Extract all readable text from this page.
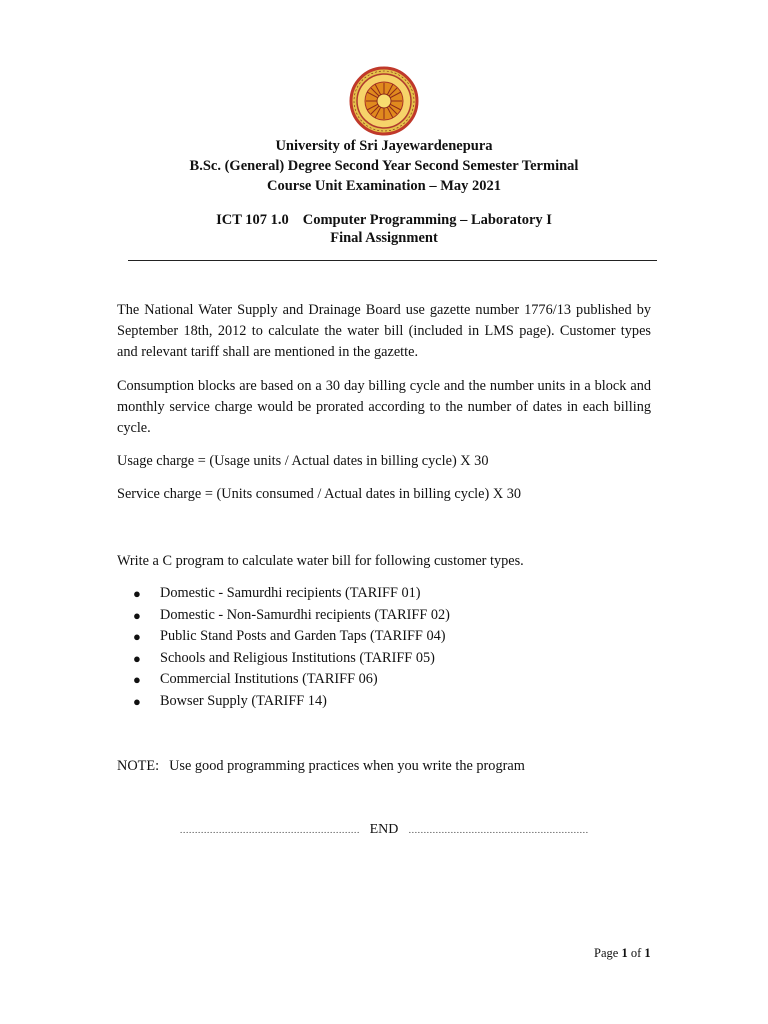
University of Sri Jayewardenepura
B.Sc. (General) Degree Second Year Second Semester Terminal
Course Unit Examination – May 2021
ICT 107 1.0 Computer Programming – Laboratory I
Final Assignment
The National Water Supply and Drainage Board use gazette number 1776/13 published by September 18th, 2012 to calculate the water bill (included in LMS page). Customer types and relevant tariff shall are mentioned in the gazette.
Consumption blocks are based on a 30 day billing cycle and the number units in a block and monthly service charge would be prorated according to the number of dates in each billing cycle.
Usage charge = (Usage units / Actual dates in billing cycle) X 30
Service charge = (Units consumed / Actual dates in billing cycle) X 30
Write a C program to calculate water bill for following customer types.
● Domestic - Samurdhi recipients (TARIFF 01)
● Domestic - Non-Samurdhi recipients (TARIFF 02)
● Public Stand Posts and Garden Taps (TARIFF 04)
● Schools and Religious Institutions (TARIFF 05)
● Commercial Institutions (TARIFF 06)
● Bowser Supply (TARIFF 14)
NOTE: Use good programming practices when you write the program
…………………………………………………… END ……………………………………………………
Page 1 of 1
